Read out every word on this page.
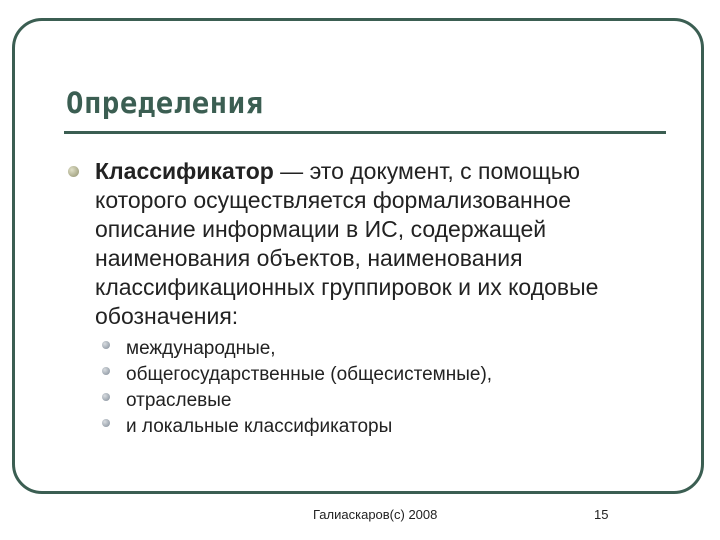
Определения
Классификатор — это документ, с помощью которого осуществляется формализованное описание информации в ИС, содержащей наименования объектов, наименования классификационных группировок и их кодовые обозначения:
международные,
общегосударственные (общесистемные),
отраслевые
и локальные классификаторы
Галиаскаров(с) 2008	15
